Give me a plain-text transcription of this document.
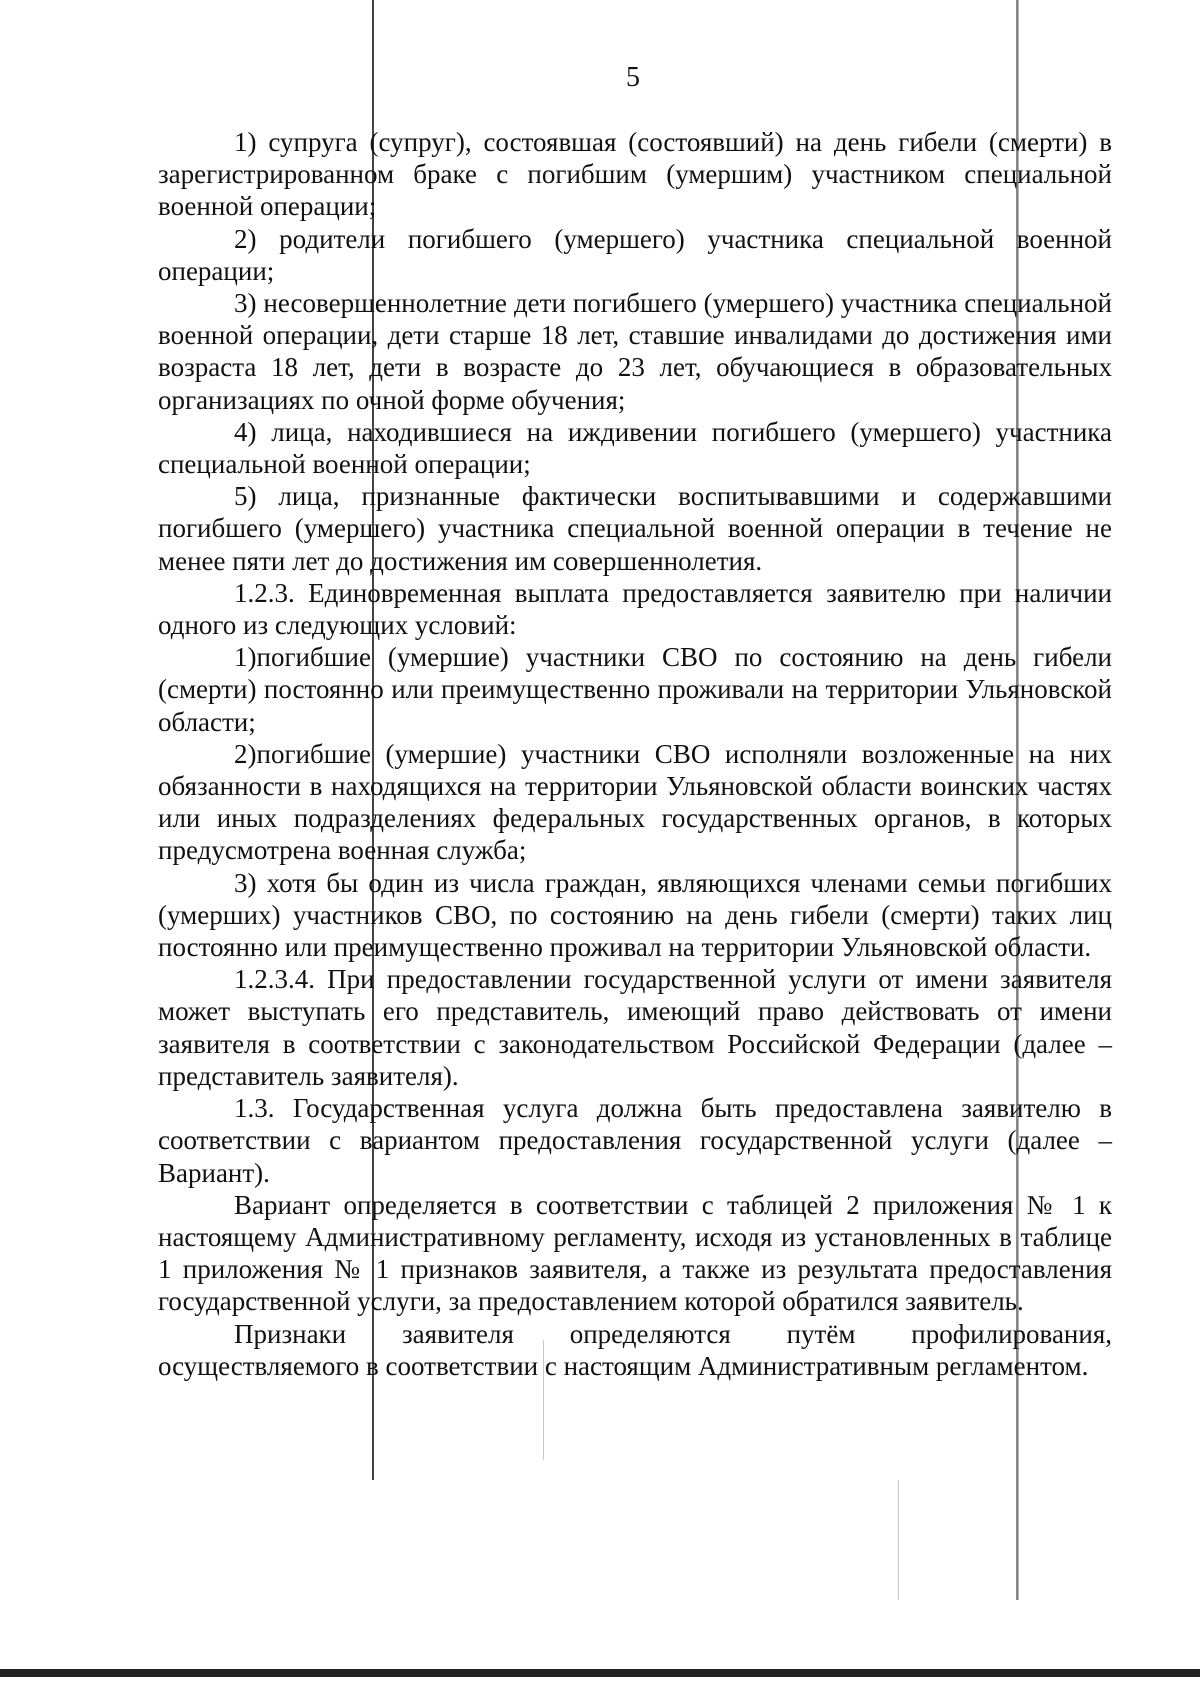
5

1) супруга (супруг), состоявшая (состоявший) на день гибели (смерти) в зарегистрированном браке с погибшим (умершим) участником специальной военной операции;

2) родители погибшего (умершего) участника специальной военной операции;

3) несовершеннолетние дети погибшего (умершего) участника специальной военной операции, дети старше 18 лет, ставшие инвалидами до достижения ими возраста 18 лет, дети в возрасте до 23 лет, обучающиеся в образовательных организациях по очной форме обучения;

4) лица, находившиеся на иждивении погибшего (умершего) участника специальной военной операции;

5) лица, признанные фактически воспитывавшими и содержавшими погибшего (умершего) участника специальной военной операции в течение не менее пяти лет до достижения им совершеннолетия.

1.2.3. Единовременная выплата предоставляется заявителю при наличии одного из следующих условий:

1)погибшие (умершие) участники СВО по состоянию на день гибели (смерти) постоянно или преимущественно проживали на территории Ульяновской области;

2)погибшие (умершие) участники СВО исполняли возложенные на них обязанности в находящихся на территории Ульяновской области воинских частях или иных подразделениях федеральных государственных органов, в которых предусмотрена военная служба;

3) хотя бы один из числа граждан, являющихся членами семьи погибших (умерших) участников СВО, по состоянию на день гибели (смерти) таких лиц постоянно или преимущественно проживал на территории Ульяновской области.

1.2.3.4. При предоставлении государственной услуги от имени заявителя может выступать его представитель, имеющий право действовать от имени заявителя в соответствии с законодательством Российской Федерации (далее – представитель заявителя).

1.3. Государственная услуга должна быть предоставлена заявителю в соответствии с вариантом предоставления государственной услуги (далее – Вариант).

Вариант определяется в соответствии с таблицей 2 приложения № 1 к настоящему Административному регламенту, исходя из установленных в таблице 1 приложения № 1 признаков заявителя, а также из результата предоставления государственной услуги, за предоставлением которой обратился заявитель.

Признаки заявителя определяются путём профилирования, осуществляемого в соответствии с настоящим Административным регламентом.
